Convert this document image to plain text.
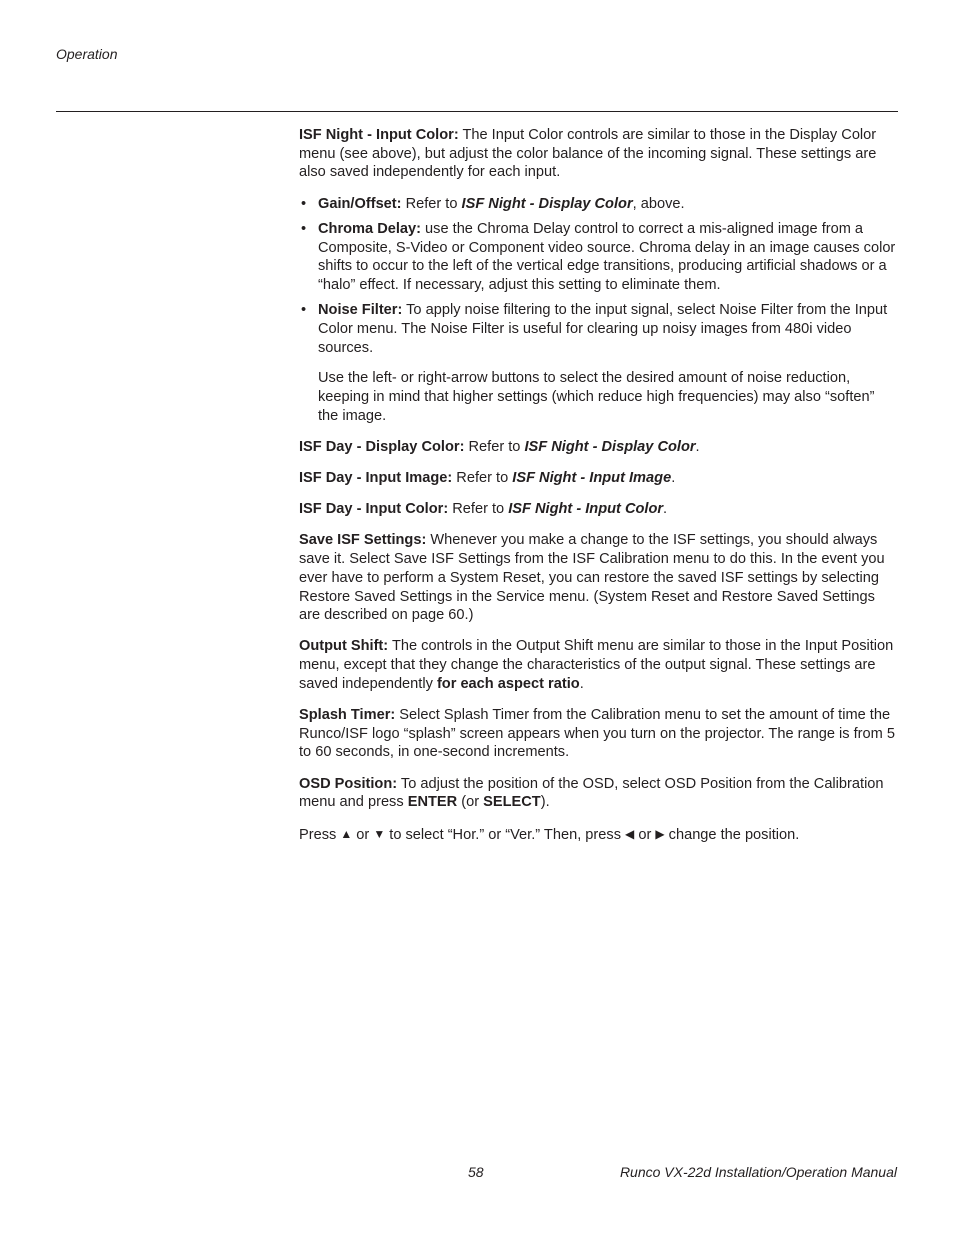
Operation

ISF Night - Input Color: The Input Color controls are similar to those in the Display Color menu (see above), but adjust the color balance of the incoming signal. These settings are also saved independently for each input.

• Gain/Offset: Refer to ISF Night - Display Color, above.
• Chroma Delay: use the Chroma Delay control to correct a mis-aligned image from a Composite, S-Video or Component video source. Chroma delay in an image causes color shifts to occur to the left of the vertical edge transitions, producing artificial shadows or a “halo” effect. If necessary, adjust this setting to eliminate them.
• Noise Filter: To apply noise filtering to the input signal, select Noise Filter from the Input Color menu. The Noise Filter is useful for clearing up noisy images from 480i video sources.

Use the left- or right-arrow buttons to select the desired amount of noise reduction, keeping in mind that higher settings (which reduce high frequencies) may also “soften” the image.

ISF Day - Display Color: Refer to ISF Night - Display Color.

ISF Day - Input Image: Refer to ISF Night - Input Image.

ISF Day - Input Color: Refer to ISF Night - Input Color.

Save ISF Settings: Whenever you make a change to the ISF settings, you should always save it. Select Save ISF Settings from the ISF Calibration menu to do this. In the event you ever have to perform a System Reset, you can restore the saved ISF settings by selecting Restore Saved Settings in the Service menu. (System Reset and Restore Saved Settings are described on page 60.)

Output Shift: The controls in the Output Shift menu are similar to those in the Input Position menu, except that they change the characteristics of the output signal. These settings are saved independently for each aspect ratio.

Splash Timer: Select Splash Timer from the Calibration menu to set the amount of time the Runco/ISF logo “splash” screen appears when you turn on the projector. The range is from 5 to 60 seconds, in one-second increments.

OSD Position: To adjust the position of the OSD, select OSD Position from the Calibration menu and press ENTER (or SELECT).

Press ▲ or ▼ to select “Hor.” or “Ver.” Then, press ◀ or ▶ change the position.

58	Runco VX-22d Installation/Operation Manual
